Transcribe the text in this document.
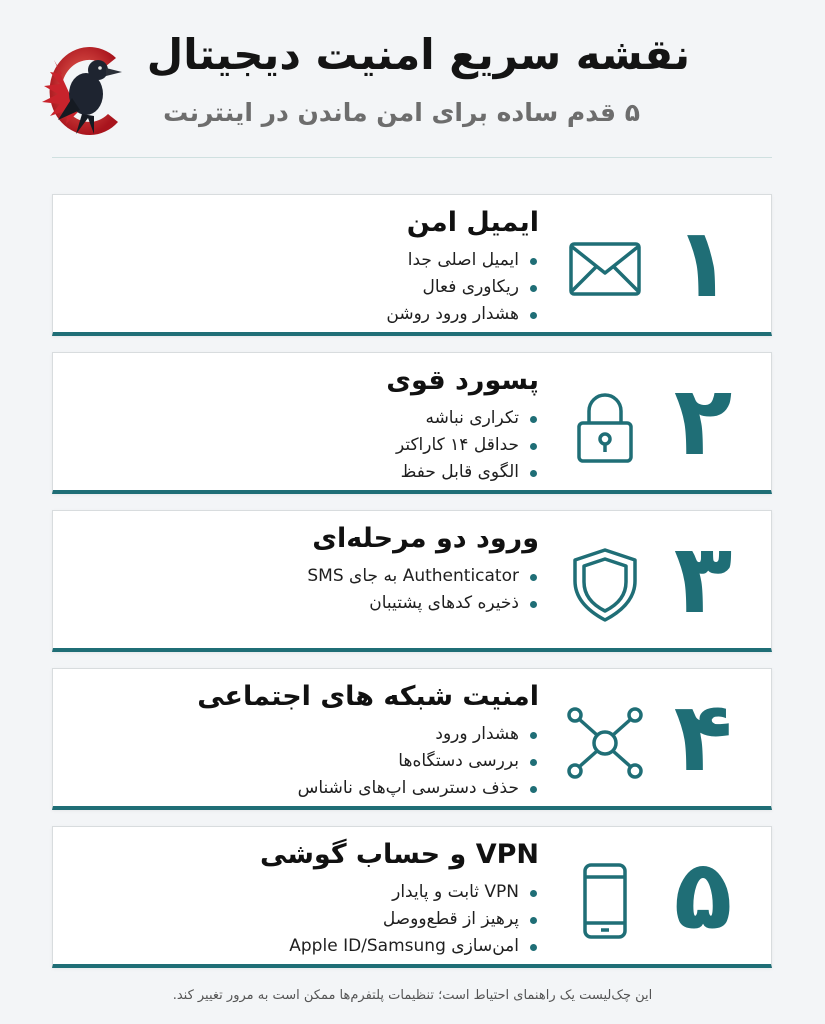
نقشه سریع امنیت دیجیتال
۵ قدم ساده برای امن ماندن در اینترنت
۱
ایمیل امن
ایمیل اصلی جدا
ریکاوری فعال
هشدار ورود روشن
۲
پسورد قوی
تکراری نباشه
حداقل ۱۴ کاراکتر
الگوی قابل حفظ
۳
ورود دو مرحله‌ای
Authenticator به جای SMS
ذخیره کدهای پشتیبان
۴
امنیت شبکه های اجتماعی
هشدار ورود
بررسی دستگاه‌ها
حذف دسترسی اپ‌های ناشناس
۵
VPN و حساب گوشی
VPN ثابت و پایدار
پرهیز از قطع‌ووصل
امن‌سازی Apple ID/Samsung
این چک‌لیست یک راهنمای احتیاط است؛ تنظیمات پلتفرم‌ها ممکن است به مرور تغییر کند.
